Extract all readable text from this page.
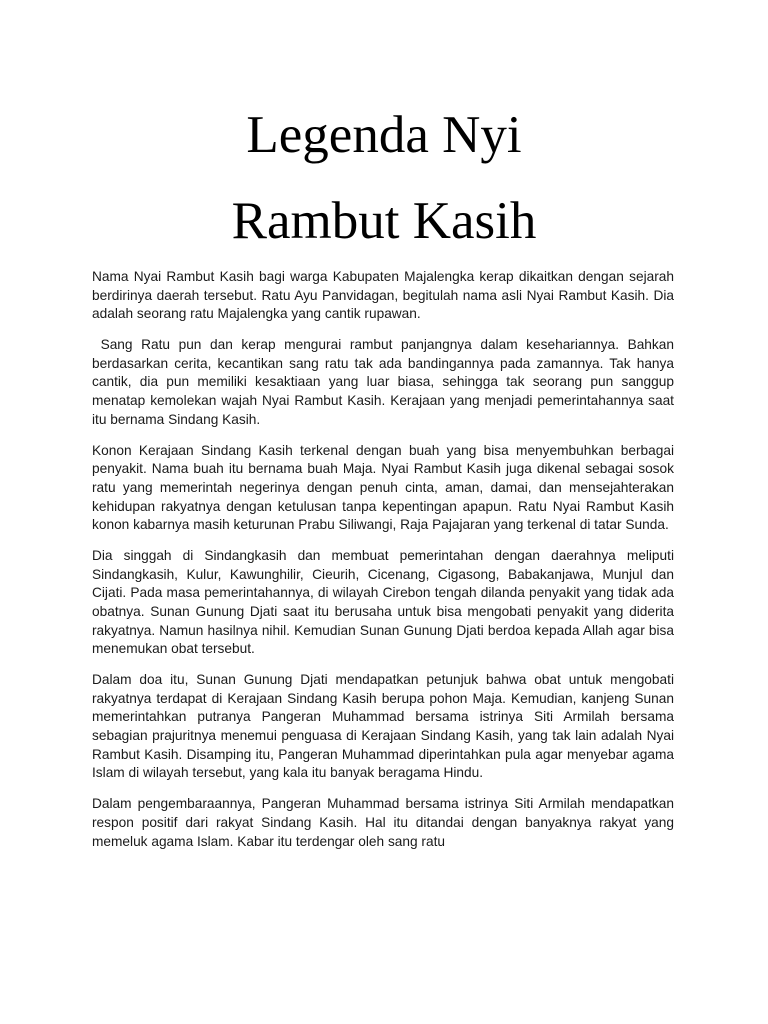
Legenda Nyi
Rambut Kasih

Nama Nyai Rambut Kasih bagi warga Kabupaten Majalengka kerap dikaitkan dengan sejarah berdirinya daerah tersebut. Ratu Ayu Panvidagan, begitulah nama asli Nyai Rambut Kasih. Dia adalah seorang ratu Majalengka yang cantik rupawan.

Sang Ratu pun dan kerap mengurai rambut panjangnya dalam kesehariannya. Bahkan berdasarkan cerita, kecantikan sang ratu tak ada bandingannya pada zamannya. Tak hanya cantik, dia pun memiliki kesaktiaan yang luar biasa, sehingga tak seorang pun sanggup menatap kemolekan wajah Nyai Rambut Kasih. Kerajaan yang menjadi pemerintahannya saat itu bernama Sindang Kasih.

Konon Kerajaan Sindang Kasih terkenal dengan buah yang bisa menyembuhkan berbagai penyakit. Nama buah itu bernama buah Maja. Nyai Rambut Kasih juga dikenal sebagai sosok ratu yang memerintah negerinya dengan penuh cinta, aman, damai, dan mensejahterakan kehidupan rakyatnya dengan ketulusan tanpa kepentingan apapun. Ratu Nyai Rambut Kasih konon kabarnya masih keturunan Prabu Siliwangi, Raja Pajajaran yang terkenal di tatar Sunda.

Dia singgah di Sindangkasih dan membuat pemerintahan dengan daerahnya meliputi Sindangkasih, Kulur, Kawunghilir, Cieurih, Cicenang, Cigasong, Babakanjawa, Munjul dan Cijati. Pada masa pemerintahannya, di wilayah Cirebon tengah dilanda penyakit yang tidak ada obatnya. Sunan Gunung Djati saat itu berusaha untuk bisa mengobati penyakit yang diderita rakyatnya. Namun hasilnya nihil. Kemudian Sunan Gunung Djati berdoa kepada Allah agar bisa menemukan obat tersebut.

Dalam doa itu, Sunan Gunung Djati mendapatkan petunjuk bahwa obat untuk mengobati rakyatnya terdapat di Kerajaan Sindang Kasih berupa pohon Maja. Kemudian, kanjeng Sunan memerintahkan putranya Pangeran Muhammad bersama istrinya Siti Armilah bersama sebagian prajuritnya menemui penguasa di Kerajaan Sindang Kasih, yang tak lain adalah Nyai Rambut Kasih. Disamping itu, Pangeran Muhammad diperintahkan pula agar menyebar agama Islam di wilayah tersebut, yang kala itu banyak beragama Hindu.

Dalam pengembaraannya, Pangeran Muhammad bersama istrinya Siti Armilah mendapatkan respon positif dari rakyat Sindang Kasih. Hal itu ditandai dengan banyaknya rakyat yang memeluk agama Islam. Kabar itu terdengar oleh sang ratu
